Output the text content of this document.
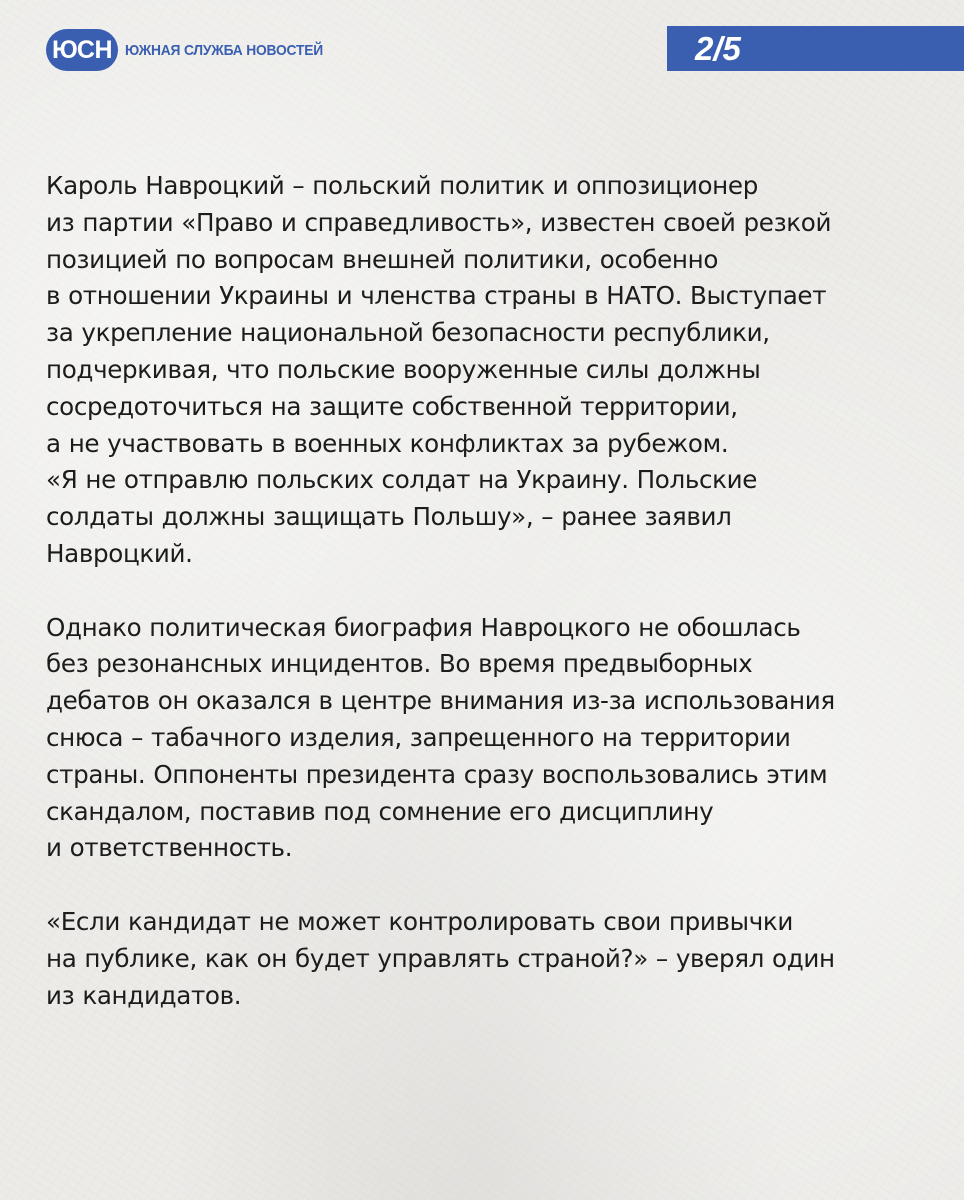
ЮСН ЮЖНАЯ СЛУЖБА НОВОСТЕЙ	2/5

Кароль Навроцкий – польский политик и оппозиционер
из партии «Право и справедливость», известен своей резкой
позицией по вопросам внешней политики, особенно
в отношении Украины и членства страны в НАТО. Выступает
за укрепление национальной безопасности республики,
подчеркивая, что польские вооруженные силы должны
сосредоточиться на защите собственной территории,
а не участвовать в военных конфликтах за рубежом.
«Я не отправлю польских солдат на Украину. Польские
солдаты должны защищать Польшу», – ранее заявил
Навроцкий.

Однако политическая биография Навроцкого не обошлась
без резонансных инцидентов. Во время предвыборных
дебатов он оказался в центре внимания из-за использования
снюса – табачного изделия, запрещенного на территории
страны. Оппоненты президента сразу воспользовались этим
скандалом, поставив под сомнение его дисциплину
и ответственность.

«Если кандидат не может контролировать свои привычки
на публике, как он будет управлять страной?» – уверял один
из кандидатов.
